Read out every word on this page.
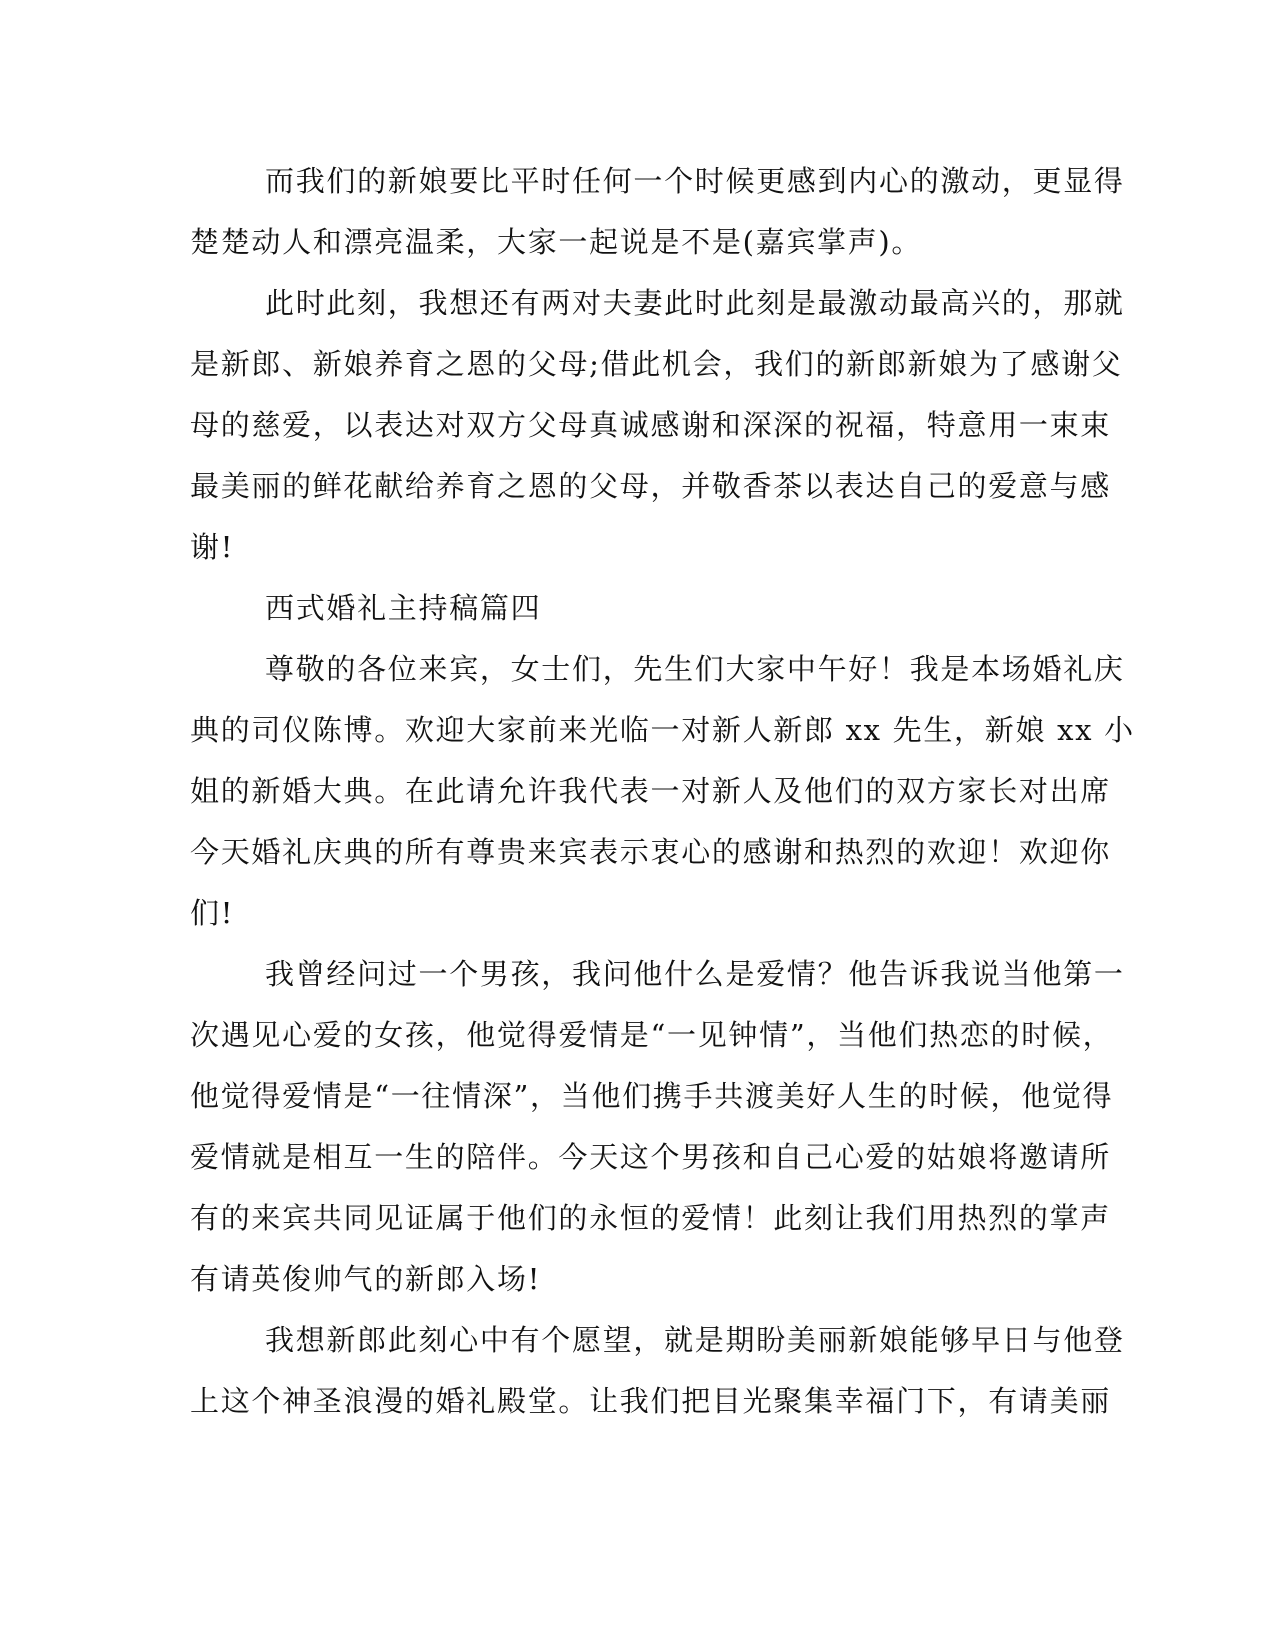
而我们的新娘要比平时任何一个时候更感到内心的激动，更显得
楚楚动人和漂亮温柔，大家一起说是不是(嘉宾掌声)。
此时此刻，我想还有两对夫妻此时此刻是最激动最高兴的，那就
是新郎、新娘养育之恩的父母;借此机会，我们的新郎新娘为了感谢父
母的慈爱，以表达对双方父母真诚感谢和深深的祝福，特意用一束束
最美丽的鲜花献给养育之恩的父母，并敬香茶以表达自己的爱意与感
谢!
西式婚礼主持稿篇四
尊敬的各位来宾，女士们，先生们大家中午好！我是本场婚礼庆
典的司仪陈博。欢迎大家前来光临一对新人新郎 xx 先生，新娘 xx 小
姐的新婚大典。在此请允许我代表一对新人及他们的双方家长对出席
今天婚礼庆典的所有尊贵来宾表示衷心的感谢和热烈的欢迎！欢迎你
们!
我曾经问过一个男孩，我问他什么是爱情？他告诉我说当他第一
次遇见心爱的女孩，他觉得爱情是“一见钟情”，当他们热恋的时候，
他觉得爱情是“一往情深”，当他们携手共渡美好人生的时候，他觉得
爱情就是相互一生的陪伴。今天这个男孩和自己心爱的姑娘将邀请所
有的来宾共同见证属于他们的永恒的爱情！此刻让我们用热烈的掌声
有请英俊帅气的新郎入场!
我想新郎此刻心中有个愿望，就是期盼美丽新娘能够早日与他登
上这个神圣浪漫的婚礼殿堂。让我们把目光聚集幸福门下，有请美丽
